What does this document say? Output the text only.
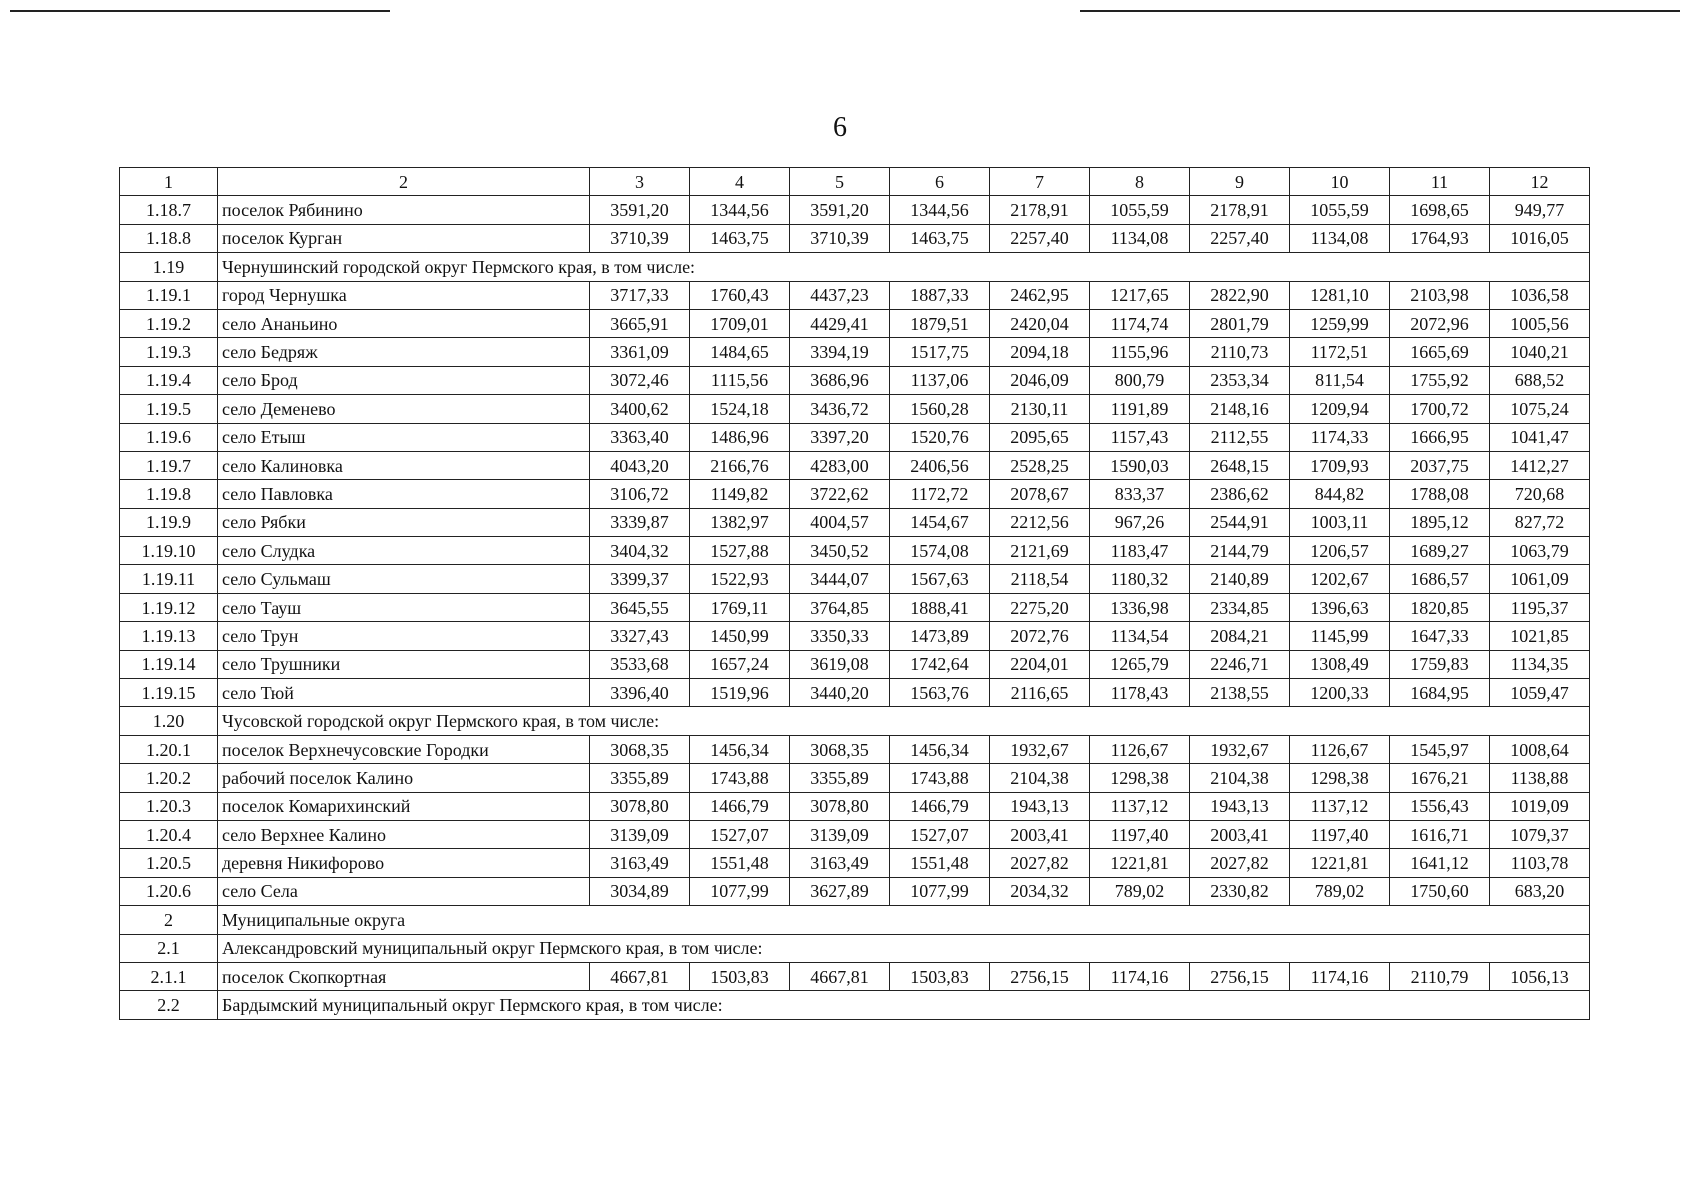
6
1	2	3	4	5	6	7	8	9	10	11	12
1.18.7	поселок Рябинино	3591,20	1344,56	3591,20	1344,56	2178,91	1055,59	2178,91	1055,59	1698,65	949,77
1.18.8	поселок Курган	3710,39	1463,75	3710,39	1463,75	2257,40	1134,08	2257,40	1134,08	1764,93	1016,05
1.19	Чернушинский городской округ Пермского края, в том числе:										
1.19.1	город Чернушка	3717,33	1760,43	4437,23	1887,33	2462,95	1217,65	2822,90	1281,10	2103,98	1036,58
1.19.2	село Ананьино	3665,91	1709,01	4429,41	1879,51	2420,04	1174,74	2801,79	1259,99	2072,96	1005,56
1.19.3	село Бедряж	3361,09	1484,65	3394,19	1517,75	2094,18	1155,96	2110,73	1172,51	1665,69	1040,21
1.19.4	село Брод	3072,46	1115,56	3686,96	1137,06	2046,09	800,79	2353,34	811,54	1755,92	688,52
1.19.5	село Деменево	3400,62	1524,18	3436,72	1560,28	2130,11	1191,89	2148,16	1209,94	1700,72	1075,24
1.19.6	село Етыш	3363,40	1486,96	3397,20	1520,76	2095,65	1157,43	2112,55	1174,33	1666,95	1041,47
1.19.7	село Калиновка	4043,20	2166,76	4283,00	2406,56	2528,25	1590,03	2648,15	1709,93	2037,75	1412,27
1.19.8	село Павловка	3106,72	1149,82	3722,62	1172,72	2078,67	833,37	2386,62	844,82	1788,08	720,68
1.19.9	село Рябки	3339,87	1382,97	4004,57	1454,67	2212,56	967,26	2544,91	1003,11	1895,12	827,72
1.19.10	село Слудка	3404,32	1527,88	3450,52	1574,08	2121,69	1183,47	2144,79	1206,57	1689,27	1063,79
1.19.11	село Сульмаш	3399,37	1522,93	3444,07	1567,63	2118,54	1180,32	2140,89	1202,67	1686,57	1061,09
1.19.12	село Тауш	3645,55	1769,11	3764,85	1888,41	2275,20	1336,98	2334,85	1396,63	1820,85	1195,37
1.19.13	село Трун	3327,43	1450,99	3350,33	1473,89	2072,76	1134,54	2084,21	1145,99	1647,33	1021,85
1.19.14	село Трушники	3533,68	1657,24	3619,08	1742,64	2204,01	1265,79	2246,71	1308,49	1759,83	1134,35
1.19.15	село Тюй	3396,40	1519,96	3440,20	1563,76	2116,65	1178,43	2138,55	1200,33	1684,95	1059,47
1.20	Чусовской городской округ Пермского края, в том числе:										
1.20.1	поселок Верхнечусовские Городки	3068,35	1456,34	3068,35	1456,34	1932,67	1126,67	1932,67	1126,67	1545,97	1008,64
1.20.2	рабочий поселок Калино	3355,89	1743,88	3355,89	1743,88	2104,38	1298,38	2104,38	1298,38	1676,21	1138,88
1.20.3	поселок Комарихинский	3078,80	1466,79	3078,80	1466,79	1943,13	1137,12	1943,13	1137,12	1556,43	1019,09
1.20.4	село Верхнее Калино	3139,09	1527,07	3139,09	1527,07	2003,41	1197,40	2003,41	1197,40	1616,71	1079,37
1.20.5	деревня Никифорово	3163,49	1551,48	3163,49	1551,48	2027,82	1221,81	2027,82	1221,81	1641,12	1103,78
1.20.6	село Села	3034,89	1077,99	3627,89	1077,99	2034,32	789,02	2330,82	789,02	1750,60	683,20
2	Муниципальные округа										
2.1	Александровский муниципальный округ Пермского края, в том числе:										
2.1.1	поселок Скопкортная	4667,81	1503,83	4667,81	1503,83	2756,15	1174,16	2756,15	1174,16	2110,79	1056,13
2.2	Бардымский муниципальный округ Пермского края, в том числе:										
